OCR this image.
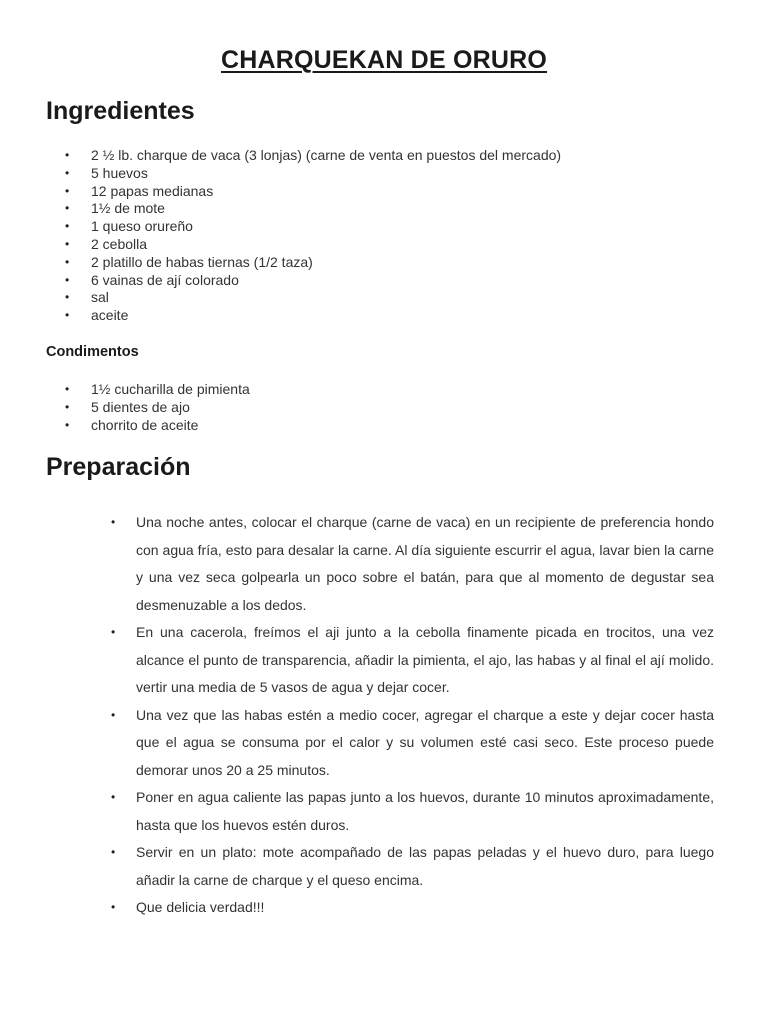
CHARQUEKAN DE ORURO
Ingredientes
• 2 ½ lb. charque de vaca (3 lonjas) (carne de venta en puestos del mercado)
• 5 huevos
• 12 papas medianas
• 1½ de mote
• 1 queso orureño
• 2 cebolla
• 2 platillo de habas tiernas (1/2 taza)
• 6 vainas de ají colorado
• sal
• aceite
Condimentos
• 1½ cucharilla de pimienta
• 5 dientes de ajo
• chorrito de aceite
Preparación
• Una noche antes, colocar el charque (carne de vaca) en un recipiente de preferencia hondo con agua fría, esto para desalar la carne. Al día siguiente escurrir el agua, lavar bien la carne y una vez seca golpearla un poco sobre el batán, para que al momento de degustar sea desmenuzable a los dedos.
• En una cacerola, freímos el aji junto a la cebolla finamente picada en trocitos, una vez alcance el punto de transparencia, añadir la pimienta, el ajo, las habas y al final el ají molido. vertir una media de 5 vasos de agua y dejar cocer.
• Una vez que las habas estén a medio cocer, agregar el charque a este y dejar cocer hasta que el agua se consuma por el calor y su volumen esté casi seco. Este proceso puede demorar unos 20 a 25 minutos.
• Poner en agua caliente las papas junto a los huevos, durante 10 minutos aproximadamente, hasta que los huevos estén duros.
• Servir en un plato: mote acompañado de las papas peladas y el huevo duro, para luego añadir la carne de charque y el queso encima.
• Que delicia verdad!!!
